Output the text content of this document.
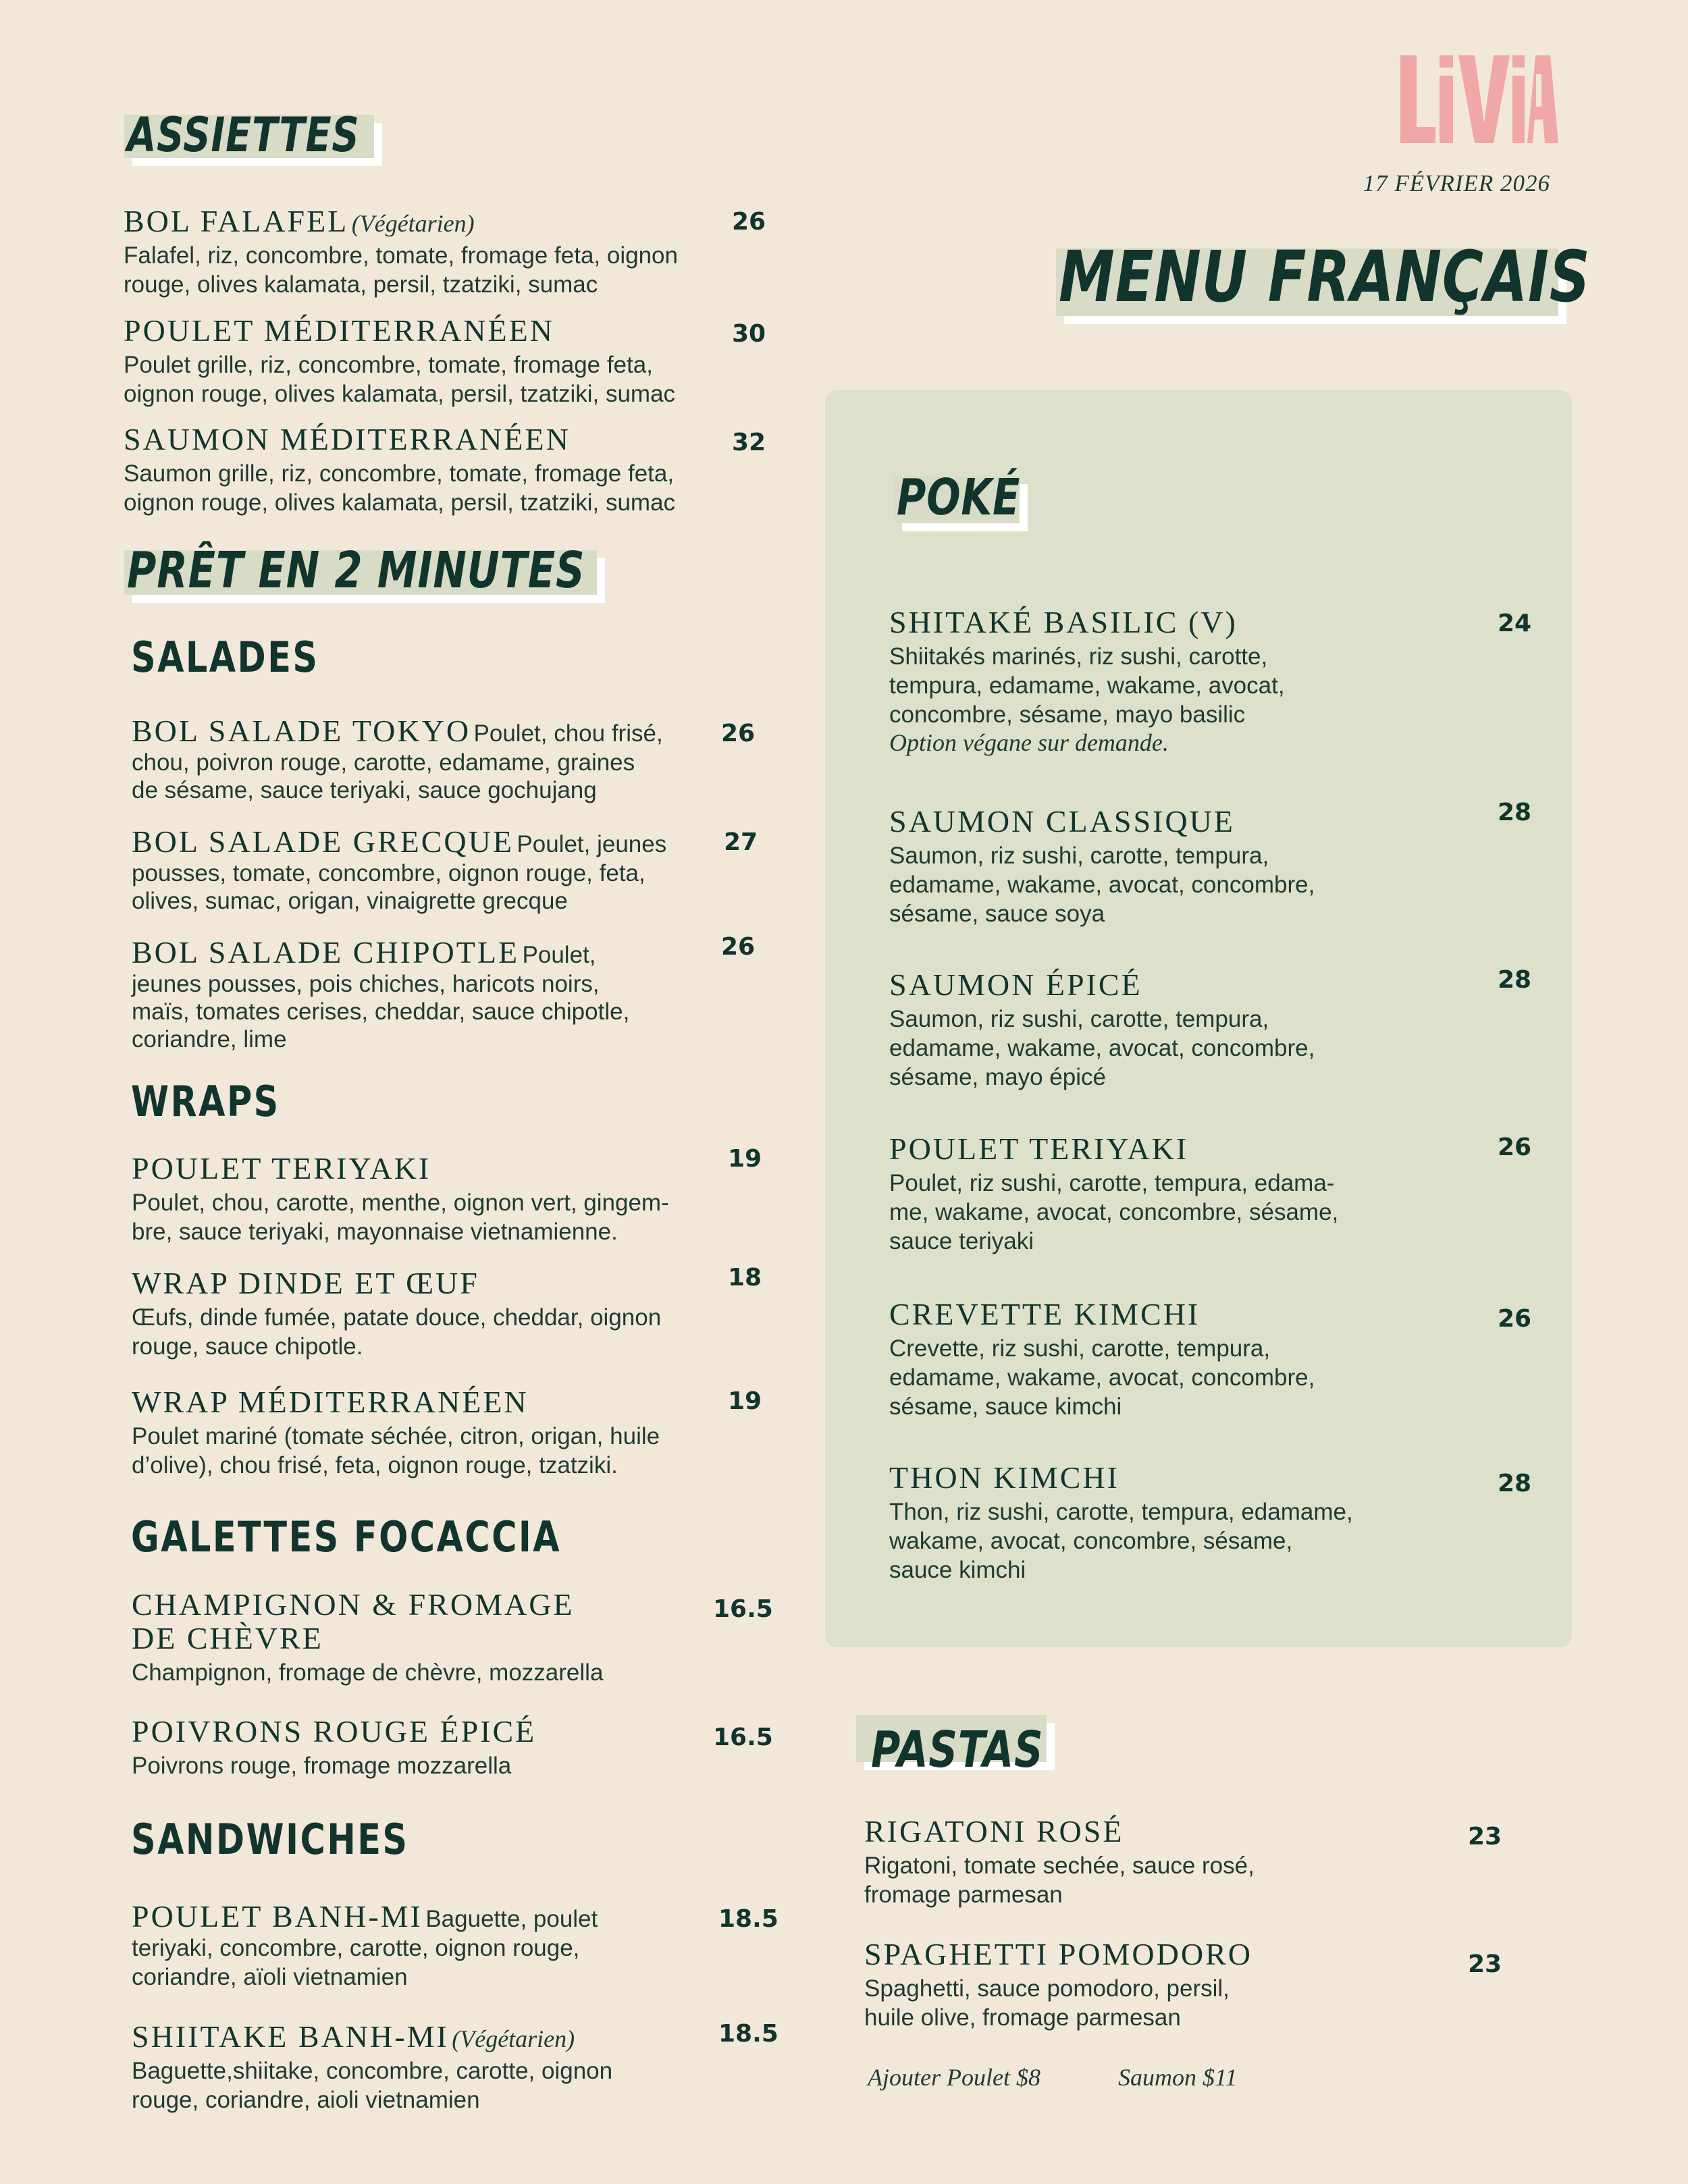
17 FÉVRIER 2026
MENU FRANÇAIS
ASSIETTES
BOL FALAFEL (Végétarien)
Falafel, riz, concombre, tomate, fromage feta, oignon
rouge, olives kalamata, persil, tzatziki, sumac
26
POULET MÉDITERRANÉEN
Poulet grille, riz, concombre, tomate, fromage feta,
oignon rouge, olives kalamata, persil, tzatziki, sumac
30
SAUMON MÉDITERRANÉEN
Saumon grille, riz, concombre, tomate, fromage feta,
oignon rouge, olives kalamata, persil, tzatziki, sumac
32
PRÊT EN 2 MINUTES
SALADES
BOL SALADE TOKYO Poulet, chou frisé,
chou, poivron rouge, carotte, edamame, graines
de sésame, sauce teriyaki, sauce gochujang
26
BOL SALADE GRECQUE Poulet, jeunes
pousses, tomate, concombre, oignon rouge, feta,
olives, sumac, origan, vinaigrette grecque
27
BOL SALADE CHIPOTLE Poulet,
jeunes pousses, pois chiches, haricots noirs,
maïs, tomates cerises, cheddar, sauce chipotle,
coriandre, lime
26
WRAPS
POULET TERIYAKI
Poulet, chou, carotte, menthe, oignon vert, gingem-
bre, sauce teriyaki, mayonnaise vietnamienne.
19
WRAP DINDE ET ŒUF
Œufs, dinde fumée, patate douce, cheddar, oignon
rouge, sauce chipotle.
18
WRAP MÉDITERRANÉEN
Poulet mariné (tomate séchée, citron, origan, huile
d’olive), chou frisé, feta, oignon rouge, tzatziki.
19
GALETTES FOCACCIA
CHAMPIGNON & FROMAGE
DE CHÈVRE
Champignon, fromage de chèvre, mozzarella
16.5
POIVRONS ROUGE ÉPICÉ
Poivrons rouge, fromage mozzarella
16.5
SANDWICHES
POULET BANH-MI Baguette, poulet
teriyaki, concombre, carotte, oignon rouge,
coriandre, aïoli vietnamien
18.5
SHIITAKE BANH-MI (Végétarien)
Baguette,shiitake, concombre, carotte, oignon
rouge, coriandre, aioli vietnamien
18.5
POKÉ
SHITAKÉ BASILIC (V)
Shiitakés marinés, riz sushi, carotte,
tempura, edamame, wakame, avocat,
concombre, sésame, mayo basilic
Option végane sur demande.
24
SAUMON CLASSIQUE
Saumon, riz sushi, carotte, tempura,
edamame, wakame, avocat, concombre,
sésame, sauce soya
28
SAUMON ÉPICÉ
Saumon, riz sushi, carotte, tempura,
edamame, wakame, avocat, concombre,
sésame, mayo épicé
28
POULET TERIYAKI
Poulet, riz sushi, carotte, tempura, edama-
me, wakame, avocat, concombre, sésame,
sauce teriyaki
26
CREVETTE KIMCHI
Crevette, riz sushi, carotte, tempura,
edamame, wakame, avocat, concombre,
sésame, sauce kimchi
26
THON KIMCHI
Thon, riz sushi, carotte, tempura, edamame,
wakame, avocat, concombre, sésame,
sauce kimchi
28
PASTAS
RIGATONI ROSÉ
Rigatoni, tomate sechée, sauce rosé,
fromage parmesan
23
SPAGHETTI POMODORO
Spaghetti, sauce pomodoro, persil,
huile olive, fromage parmesan
23
Ajouter Poulet $8	Saumon $11
